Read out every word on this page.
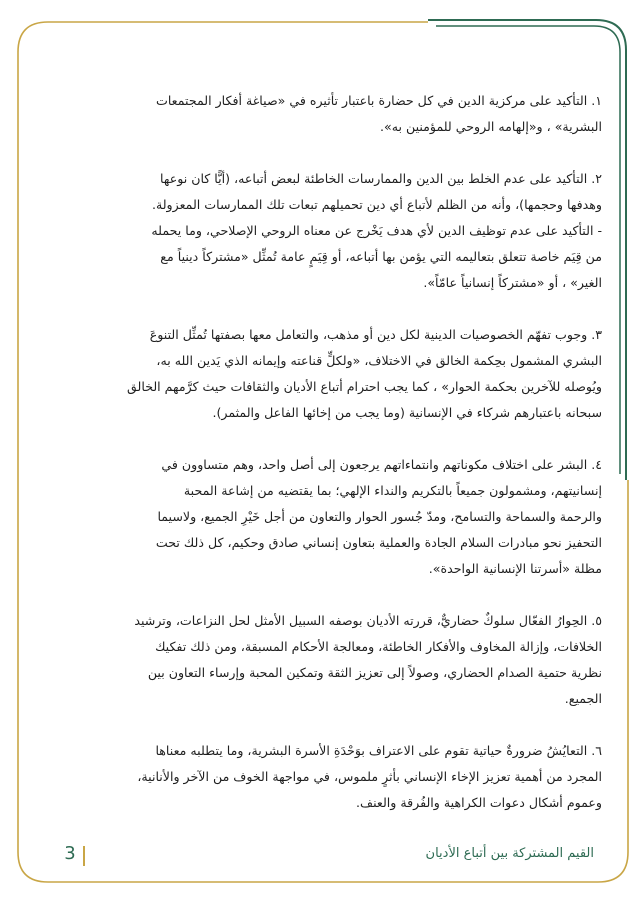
١. التأكيد على مركزية الدين في كل حضارة باعتبار تأثيره في «صياغة أفكار المجتمعات
البشرية» ، و«إلهامه الروحي للمؤمنين به».
٢. التأكيد على عدم الخلط بين الدين والممارسات الخاطئة لبعض أتباعه، (أيًّا كان نوعها
وهدفها وحجمها)، وأنه من الظلم لأتباع أي دين تحميلهم تبعات تلك الممارسات المعزولة.
- التأكيد على عدم توظيف الدين لأي هدف يَخْرج عن معناه الروحي الإصلاحي، وما يحمله
من قِيَم خاصة تتعلق بتعاليمه التي يؤمن بها أتباعه، أو قِيَمٍ عامة تُمثِّل «مشتركاً دينياً مع
الغير» ، أو «مشتركاً إنسانياً عامّاً».
٣. وجوب تفهّم الخصوصيات الدينية لكل دين أو مذهب، والتعامل معها بصفتها تُمثِّل التنوعَ
البشري المشمول بحِكمة الخالق في الاختلاف، «ولكلٍّ قناعته وإيمانه الذي يَدين الله به،
ويُوصله للآخرين بحكمة الحوار» ، كما يجب احترام أتباع الأديان والثقافات حيث كرَّمهم الخالق
سبحانه باعتبارهم شركاء في الإنسانية (وما يجب من إخائها الفاعل والمثمر).
٤. البشر على اختلاف مكوناتهم وانتماءاتهم يرجعون إلى أصل واحد، وهم متساوون في
إنسانيتهم، ومشمولون جميعاً بالتكريم والنداء الإلهي؛ بما يقتضيه من إشاعة المحبة
والرحمة والسماحة والتسامح، ومدّ جُسور الحوار والتعاون من أجل خَيْرِ الجميع، ولاسيما
التحفيز نحو مبادرات السلام الجادة والعملية بتعاون إنساني صادق وحكيم، كل ذلك تحت
مظلة «أسرتنا الإنسانية الواحدة».
٥. الحِوارُ الفعّال سلوكٌ حضاريٌّ، قررته الأديان بوصفه السبيل الأمثل لحل النزاعات، وترشيد
الخلافات، وإزالة المخاوف والأفكار الخاطئة، ومعالجة الأحكام المسبقة، ومن ذلك تفكيك
نظرية حتمية الصدام الحضاري، وصولاً إلى تعزيز الثقة وتمكين المحبة وإرساء التعاون بين
الجميع.
٦. التعايُشُ ضرورةٌ حياتية تقوم على الاعتراف بوَحْدَةِ الأسرة البشرية، وما يتطلبه معناها
المجرد من أهمية تعزيز الإخاء الإنساني بأثرٍ ملموس، في مواجهة الخوف من الآخر والأنانية،
وعموم أشكال دعوات الكراهية والفُرقة والعنف.
القيم المشتركة بين أتباع الأديان
3
